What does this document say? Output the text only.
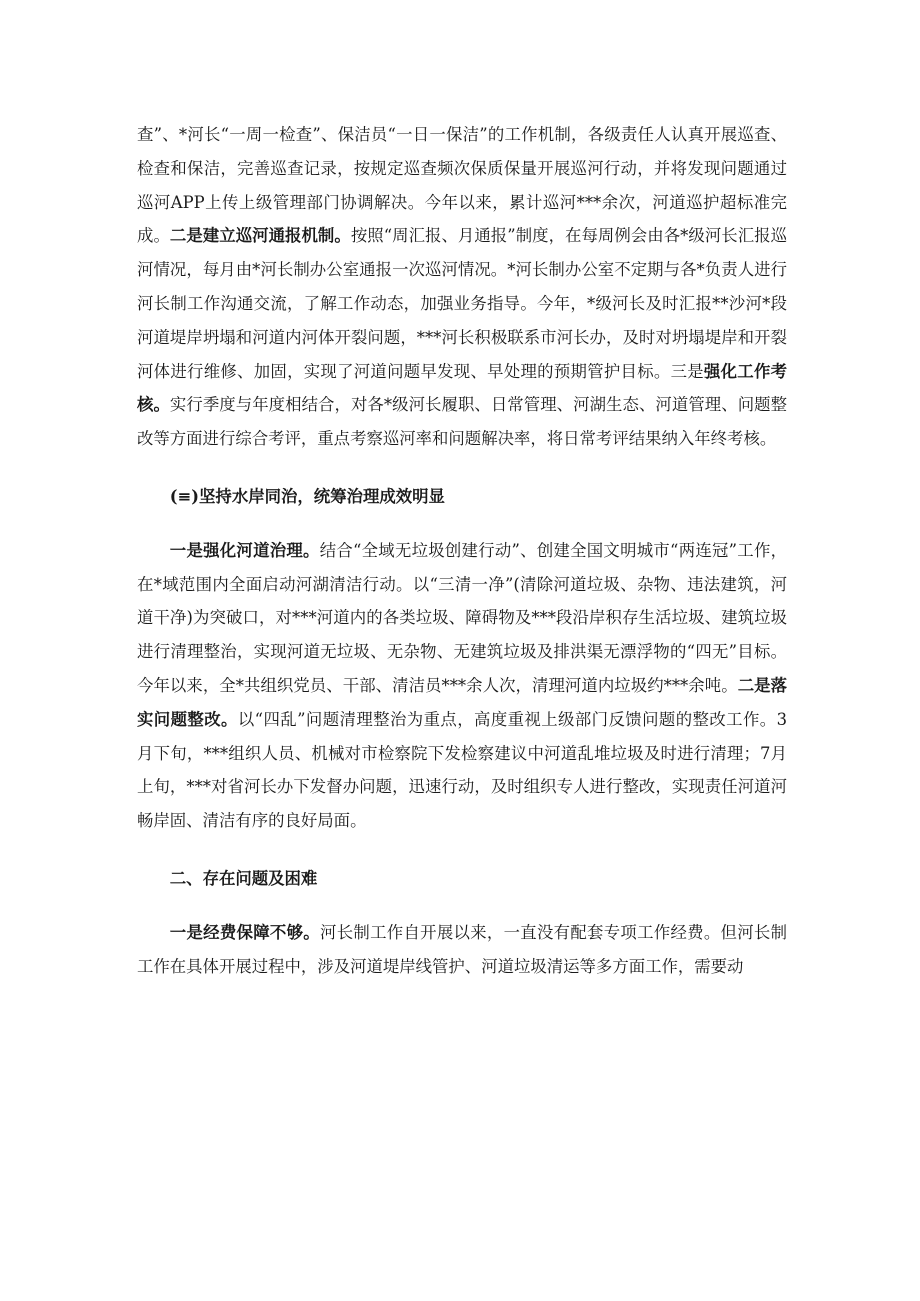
查”、*河长“一周一检查”、保洁员“一日一保洁”的工作机制，各级责任人认真开展巡查、检查和保洁，完善巡查记录，按规定巡查频次保质保量开展巡河行动，并将发现问题通过巡河APP上传上级管理部门协调解决。今年以来，累计巡河***余次，河道巡护超标准完成。二是建立巡河通报机制。按照“周汇报、月通报”制度，在每周例会由各*级河长汇报巡河情况，每月由*河长制办公室通报一次巡河情况。*河长制办公室不定期与各*负责人进行河长制工作沟通交流，了解工作动态，加强业务指导。今年，*级河长及时汇报**沙河*段河道堤岸坍塌和河道内河体开裂问题，***河长积极联系市河长办，及时对坍塌堤岸和开裂河体进行维修、加固，实现了河道问题早发现、早处理的预期管护目标。三是强化工作考核。实行季度与年度相结合，对各*级河长履职、日常管理、河湖生态、河道管理、问题整改等方面进行综合考评，重点考察巡河率和问题解决率，将日常考评结果纳入年终考核。

(≡)坚持水岸同治，统筹治理成效明显

一是强化河道治理。结合“全域无垃圾创建行动”、创建全国文明城市“两连冠”工作，在*域范围内全面启动河湖清洁行动。以“三清一净”(清除河道垃圾、杂物、违法建筑，河道干净)为突破口，对***河道内的各类垃圾、障碍物及***段沿岸积存生活垃圾、建筑垃圾进行清理整治，实现河道无垃圾、无杂物、无建筑垃圾及排洪渠无漂浮物的“四无”目标。今年以来，全*共组织党员、干部、清洁员***余人次，清理河道内垃圾约***余吨。二是落实问题整改。以“四乱”问题清理整治为重点，高度重视上级部门反馈问题的整改工作。3月下旬，***组织人员、机械对市检察院下发检察建议中河道乱堆垃圾及时进行清理；7月上旬，***对省河长办下发督办问题，迅速行动，及时组织专人进行整改，实现责任河道河畅岸固、清洁有序的良好局面。

二、存在问题及困难

一是经费保障不够。河长制工作自开展以来，一直没有配套专项工作经费。但河长制工作在具体开展过程中，涉及河道堤岸线管护、河道垃圾清运等多方面工作，需要动
